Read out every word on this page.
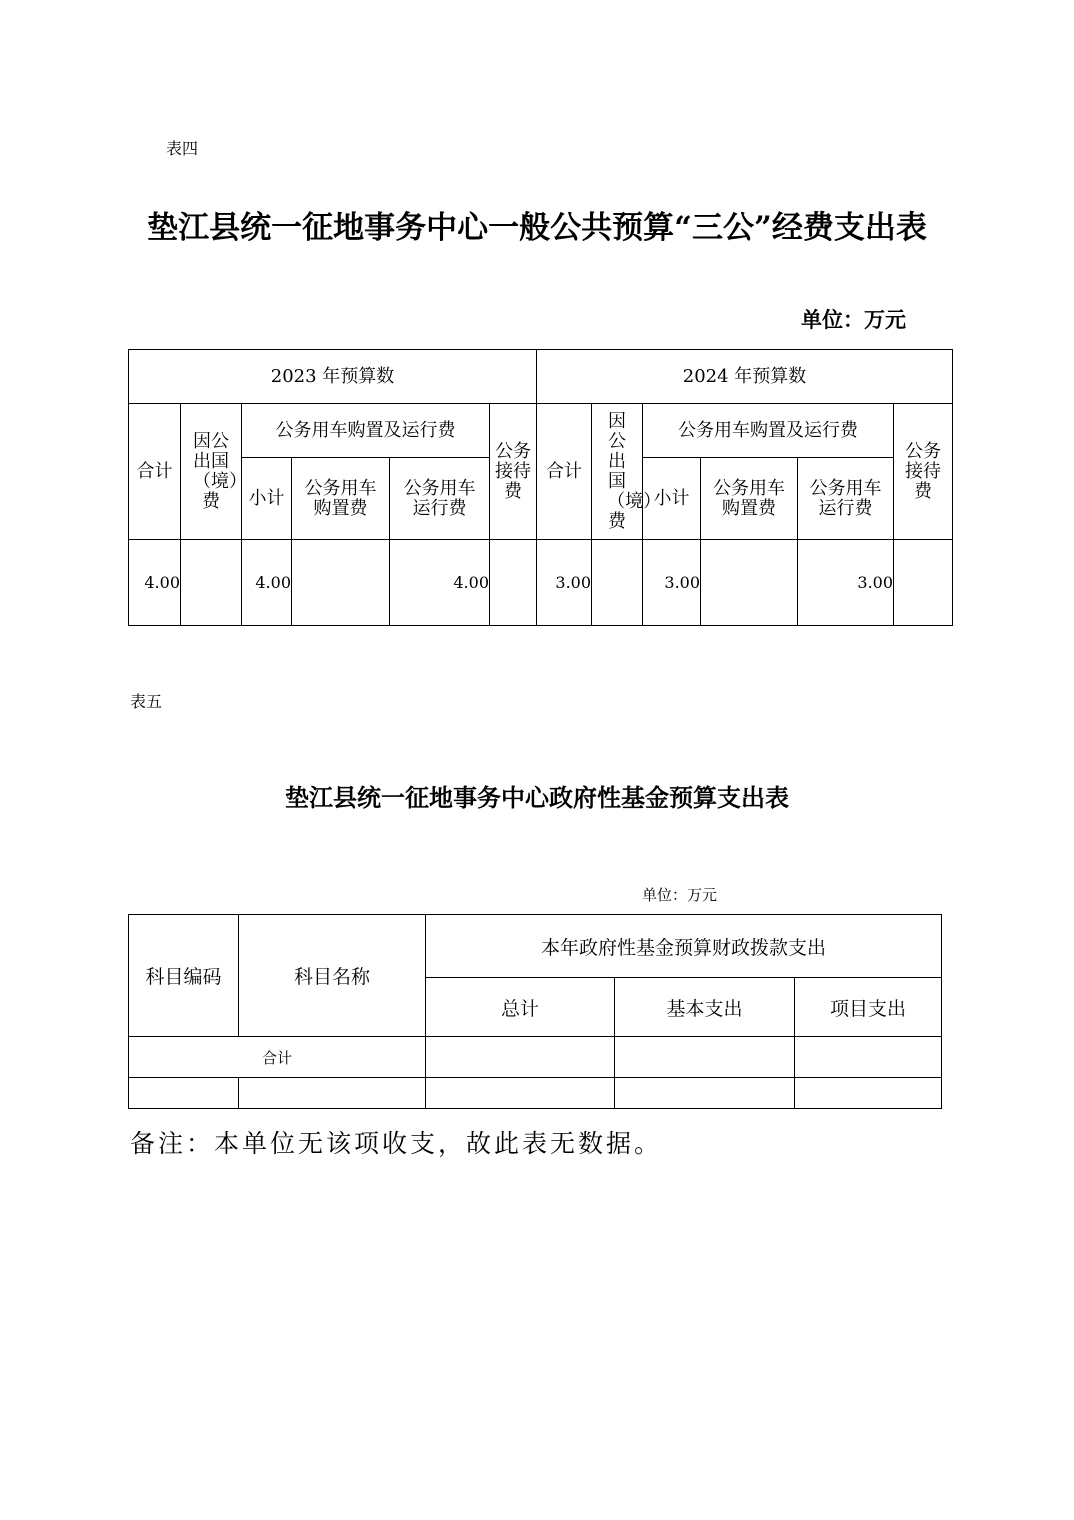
表四
垫江县统一征地事务中心一般公共预算“三公”经费支出表
单位：万元
2023 年预算数						2024 年预算数					
合计	因公出国（境）费	公务用车购置及运行费			公务接待费	合计	因公出国（境）费	公务用车购置及运行费			公务接待费
		小计	公务用车购置费	公务用车运行费				小计	公务用车购置费	公务用车运行费	
4.00		4.00		4.00		3.00		3.00		3.00	
表五
垫江县统一征地事务中心政府性基金预算支出表
单位：万元
科目编码	科目名称	本年政府性基金预算财政拨款支出		
		总计	基本支出	项目支出
合计				

备注：本单位无该项收支，故此表无数据。
